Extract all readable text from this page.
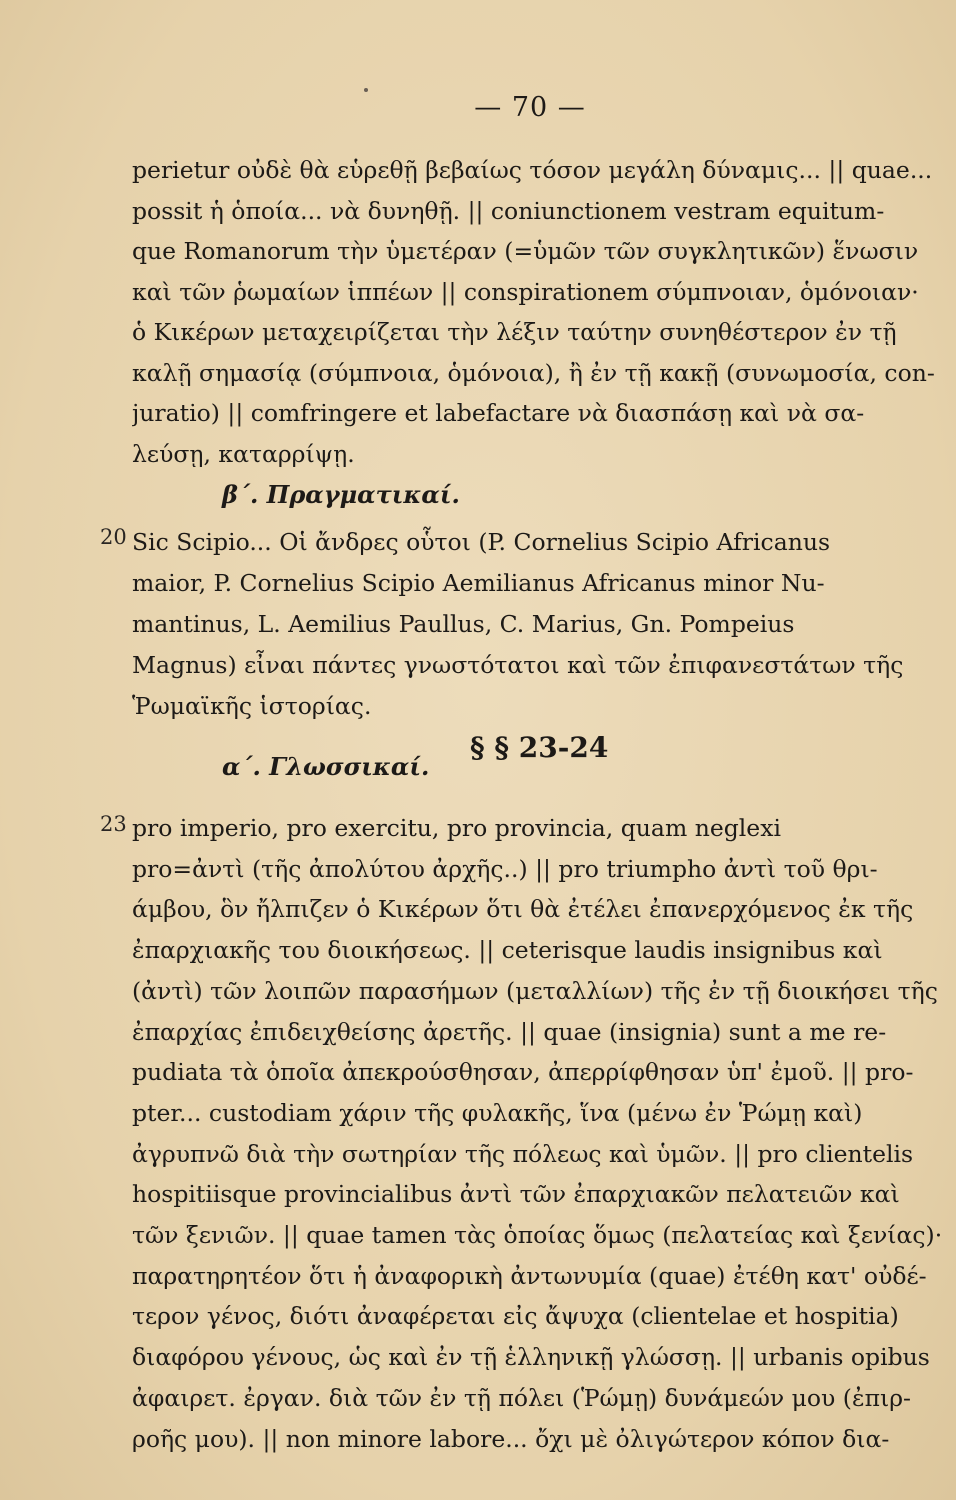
— 70 —
perietur οὐδὲ θὰ εὑρεθῇ βεβαίως τόσον μεγάλη δύναμις... || quae...
possit ἡ ὁποία... νὰ δυνηθῇ. || coniunctionem vestram equitum-
que Romanorum τὴν ὑμετέραν (=ὑμῶν τῶν συγκλητικῶν) ἕνωσιν
καὶ τῶν ῥωμαίων ἱππέων || conspirationem σύμπνοιαν, ὁμόνοιαν·
ὁ Κικέρων μεταχειρίζεται τὴν λέξιν ταύτην συνηθέστερον ἐν τῇ
καλῇ σημασίᾳ (σύμπνοια, ὁμόνοια), ἢ ἐν τῇ κακῇ (συνωμοσία, con-
juratio) || comfringere et labefactare νὰ διασπάσῃ καὶ νὰ σα-
λεύσῃ, καταρρίψῃ.
β΄. Πραγματικαί.
20 Sic Scipio... Οἱ ἄνδρες οὗτοι (P. Cornelius Scipio Africanus
maior, P. Cornelius Scipio Aemilianus Africanus minor Nu-
mantinus, L. Aemilius Paullus, C. Marius, Gn. Pompeius
Magnus) εἶναι πάντες γνωστότατοι καὶ τῶν ἐπιφανεστάτων τῆς
Ῥωμαϊκῆς ἱστορίας.
§ § 23-24
α΄. Γλωσσικαί.
23 pro imperio, pro exercitu, pro provincia, quam neglexi
pro=ἀντὶ (τῆς ἀπολύτου ἀρχῆς..) || pro triumpho ἀντὶ τοῦ θρι-
άμβου, ὃν ἤλπιζεν ὁ Κικέρων ὅτι θὰ ἐτέλει ἐπανερχόμενος ἐκ τῆς
ἐπαρχιακῆς του διοικήσεως. || ceterisque laudis insignibus καὶ
(ἀντὶ) τῶν λοιπῶν παρασήμων (μεταλλίων) τῆς ἐν τῇ διοικήσει τῆς
ἐπαρχίας ἐπιδειχθείσης ἀρετῆς. || quae (insignia) sunt a me re-
pudiata τὰ ὁποῖα ἀπεκρούσθησαν, ἀπερρίφθησαν ὑπ' ἐμοῦ. || pro-
pter... custodiam χάριν τῆς φυλακῆς, ἵνα (μένω ἐν Ῥώμῃ καὶ)
ἀγρυπνῶ διὰ τὴν σωτηρίαν τῆς πόλεως καὶ ὑμῶν. || pro clientelis
hospitiisque provincialibus ἀντὶ τῶν ἐπαρχιακῶν πελατειῶν καὶ
τῶν ξενιῶν. || quae tamen τὰς ὁποίας ὅμως (πελατείας καὶ ξενίας)·
παρατηρητέον ὅτι ἡ ἀναφορικὴ ἀντωνυμία (quae) ἐτέθη κατ' οὐδέ-
τερον γένος, διότι ἀναφέρεται εἰς ἄψυχα (clientelae et hospitia)
διαφόρου γένους, ὡς καὶ ἐν τῇ ἑλληνικῇ γλώσσῃ. || urbanis opibus
ἀφαιρετ. ἐργαν. διὰ τῶν ἐν τῇ πόλει (Ῥώμῃ) δυνάμεών μου (ἐπιρ-
ροῆς μου). || non minore labore... ὄχι μὲ ὀλιγώτερον κόπον δια-
